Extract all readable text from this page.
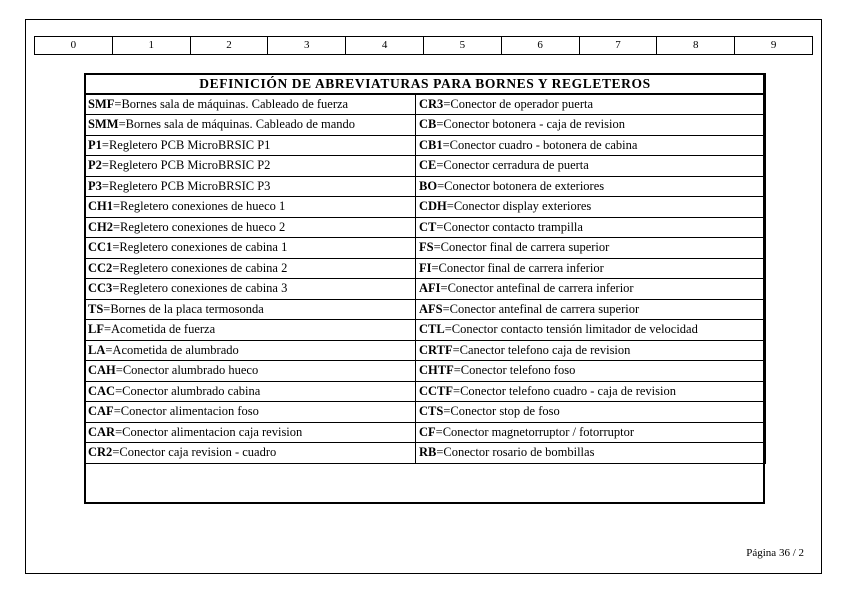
0	1	2	3	4	5	6	7	8	9
DEFINICIÓN DE ABREVIATURAS PARA BORNES Y REGLETEROS	
SMF=Bornes sala de máquinas. Cableado de fuerza	CR3=Conector de operador puerta
SMM=Bornes sala de máquinas. Cableado de mando	CB=Conector botonera - caja de revision
P1=Regletero PCB MicroBRSIC P1	CB1=Conector cuadro - botonera de cabina
P2=Regletero PCB MicroBRSIC P2	CE=Conector cerradura de puerta
P3=Regletero PCB MicroBRSIC P3	BO=Conector botonera de exteriores
CH1=Regletero conexiones de hueco 1	CDH=Conector display exteriores
CH2=Regletero conexiones de hueco 2	CT=Conector contacto trampilla
CC1=Regletero conexiones de cabina 1	FS=Conector final de carrera superior
CC2=Regletero conexiones de cabina 2	FI=Conector final de carrera inferior
CC3=Regletero conexiones de cabina 3	AFI=Conector antefinal de carrera inferior
TS=Bornes de la placa termosonda	AFS=Conector antefinal de carrera superior
LF=Acometida de fuerza	CTL=Conector contacto tensión limitador de velocidad
LA=Acometida de alumbrado	CRTF=Canector telefono caja de revision
CAH=Conector alumbrado hueco	CHTF=Conector telefono foso
CAC=Conector alumbrado cabina	CCTF=Conector telefono cuadro - caja de revision
CAF=Conector alimentacion foso	CTS=Conector stop de foso
CAR=Conector alimentacion caja revision	CF=Conector magnetorruptor / fotorruptor
CR2=Conector caja revision - cuadro	RB=Conector rosario de bombillas
Página 36 / 2
